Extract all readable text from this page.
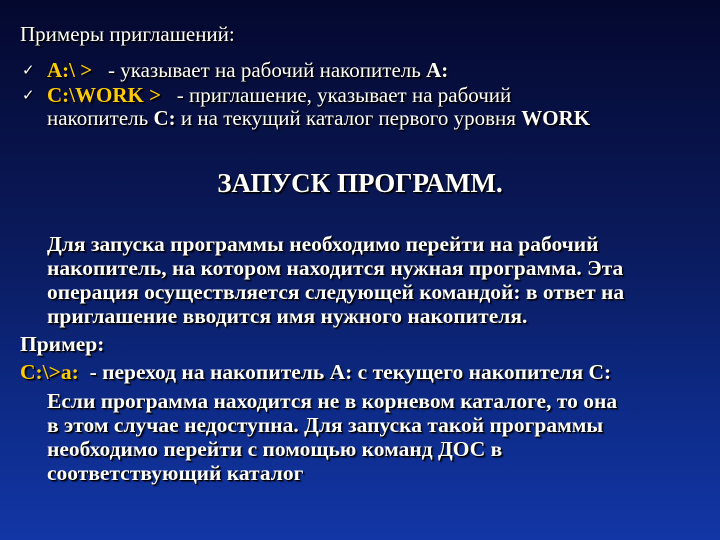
Примеры приглашений:
✓ A:\ >   - указывает на рабочий накопитель A:
✓ C:\WORK >   - приглашение, указывает на рабочий
накопитель C: и на текущий каталог первого уровня WORK
ЗАПУСК ПРОГРАММ.
Для запуска программы необходимо перейти на рабочий
накопитель, на котором находится нужная программа. Эта
операция осуществляется следующей командой: в ответ на
приглашение вводится имя нужного накопителя.
Пример:
C:\>a:  - переход на накопитель А: с текущего накопителя С:
Если программа находится не в корневом каталоге, то она
в этом случае недоступна. Для запуска такой программы
необходимо перейти с помощью команд ДОС в
соответствующий каталог
